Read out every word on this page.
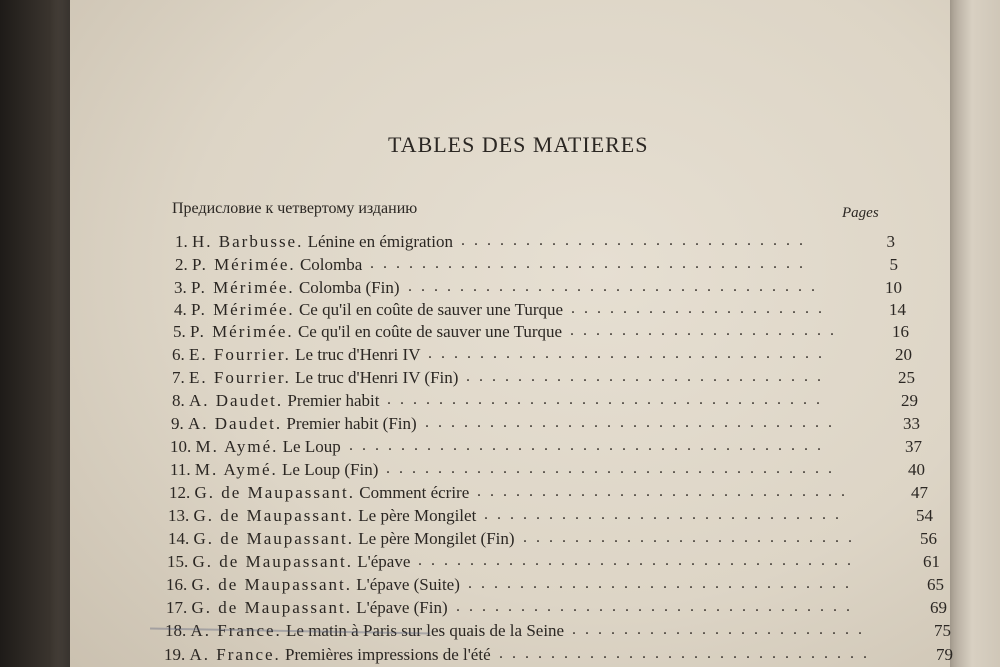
TABLES DES MATIERES
Предисловие к четвертому изданию	Pages
1. H. Barbusse. Lénine en émigration ...........................	3
2. P. Mérimée. Colomba ..................................	5
3. P. Mérimée. Colomba (Fin) ................................	10
4. P. Mérimée. Ce qu'il en coûte de sauver une Turque ....................	14
5. P. Mérimée. Ce qu'il en coûte de sauver une Turque .....................	16
6. E. Fourrier. Le truc d'Henri IV ...............................	20
7. E. Fourrier. Le truc d'Henri IV (Fin) ............................	25
8. A. Daudet. Premier habit ..................................	29
9. A. Daudet. Premier habit (Fin) ................................	33
10. M. Aymé. Le Loup .....................................	37
11. M. Aymé. Le Loup (Fin) ...................................	40
12. G. de Maupassant. Comment écrire .............................	47
13. G. de Maupassant. Le père Mongilet ............................	54
14. G. de Maupassant. Le père Mongilet (Fin) ..........................	56
15. G. de Maupassant. L'épave ..................................	61
16. G. de Maupassant. L'épave (Suite) ..............................	65
17. G. de Maupassant. L'épave (Fin) ...............................	69
18. A. France. Le matin à Paris sur les quais de la Seine .......................	75
19. A. France. Premières impressions de l'été .............................	79
